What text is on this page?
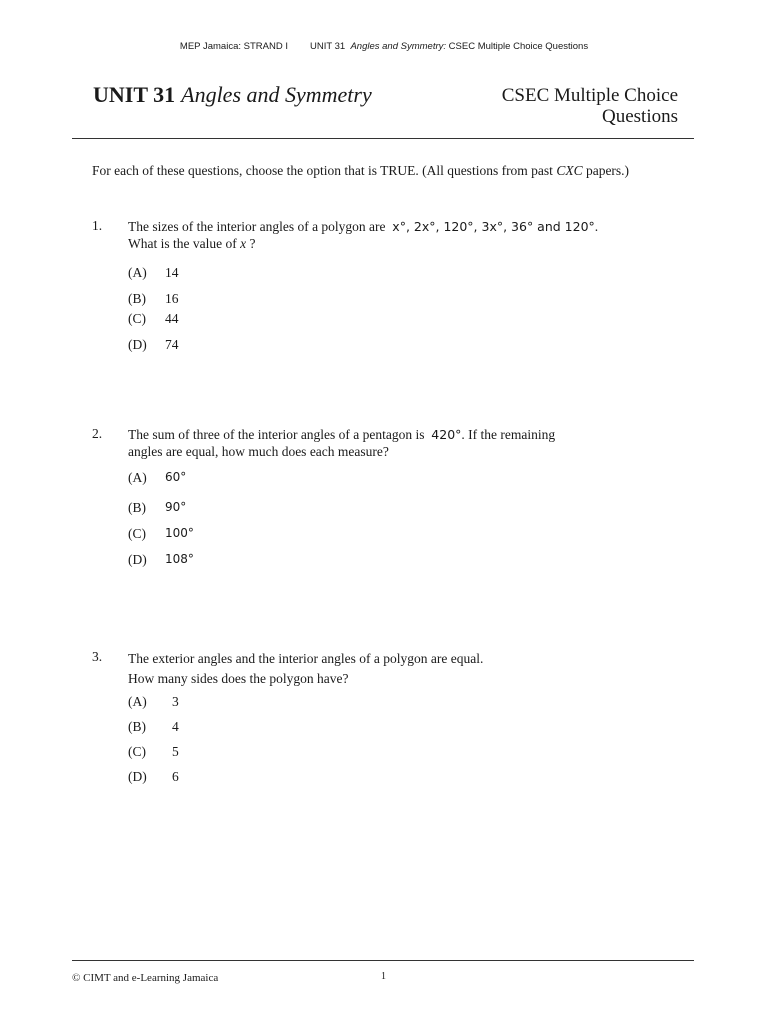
MEP Jamaica: STRAND I UNIT 31 Angles and Symmetry: CSEC Multiple Choice Questions
UNIT 31 Angles and Symmetry	CSEC Multiple Choice
Questions
For each of these questions, choose the option that is TRUE. (All questions from past CXC papers.)
1. The sizes of the interior angles of a polygon are x°, 2x°, 120°, 3x°, 36° and 120°.
What is the value of x ?
(A) 14
(B) 16
(C) 44
(D) 74
2. The sum of three of the interior angles of a pentagon is 420°. If the remaining
angles are equal, how much does each measure?
(A) 60°
(B) 90°
(C) 100°
(D) 108°
3. The exterior angles and the interior angles of a polygon are equal.
How many sides does the polygon have?
(A) 3
(B) 4
(C) 5
(D) 6
© CIMT and e-Learning Jamaica	1
